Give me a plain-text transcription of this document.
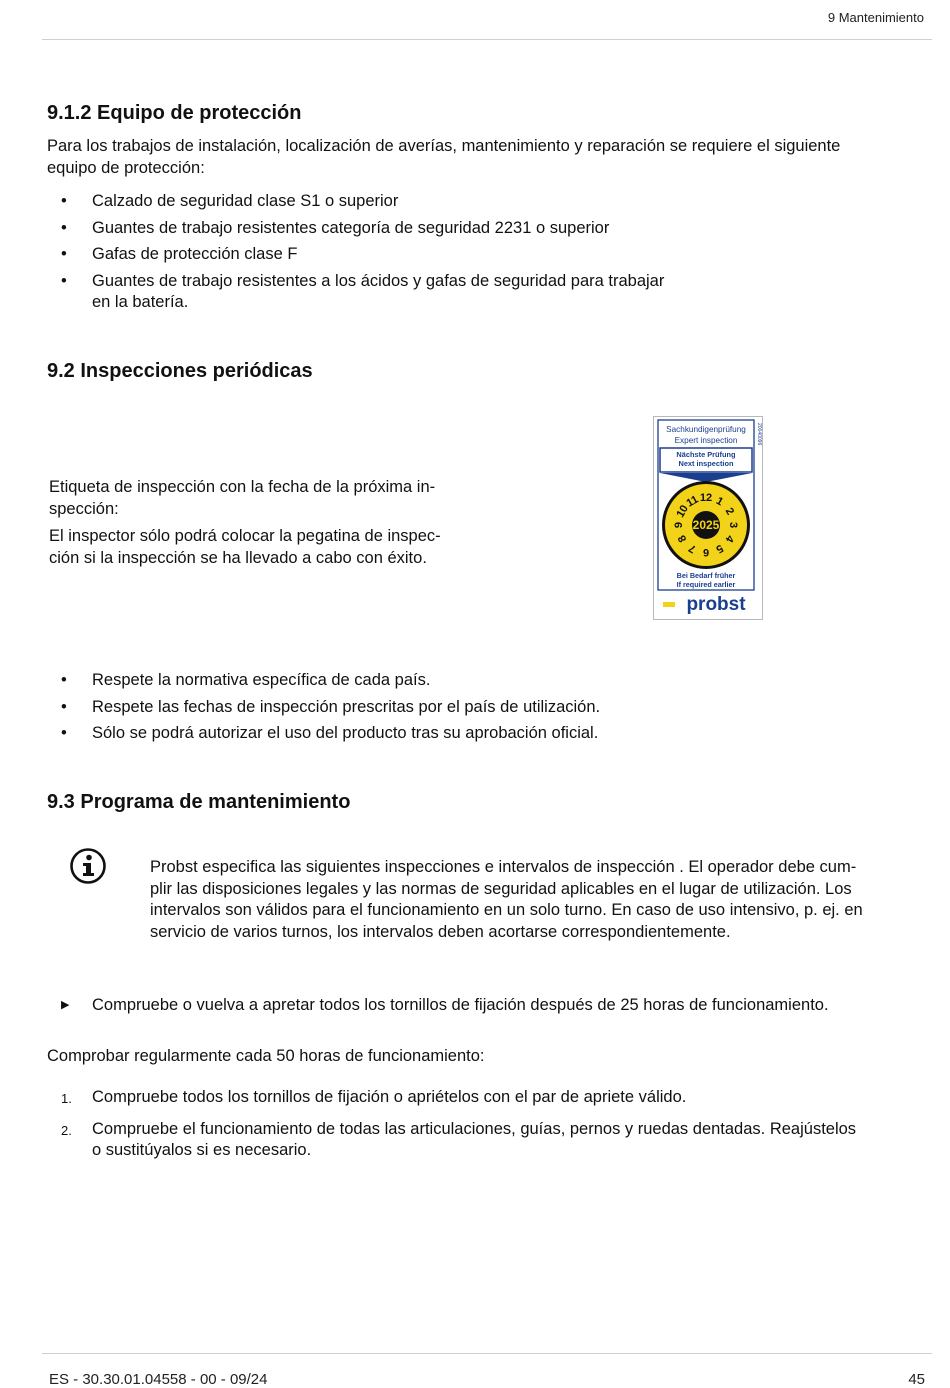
9 Mantenimiento
9.1.2 Equipo de protección
Para los trabajos de instalación, localización de averías, mantenimiento y reparación se requiere el siguiente
equipo de protección:
• Calzado de seguridad clase S1 o superior
• Guantes de trabajo resistentes categoría de seguridad 2231 o superior
• Gafas de protección clase F
• Guantes de trabajo resistentes a los ácidos y gafas de seguridad para trabajar
en la batería.
9.2 Inspecciones periódicas
Etiqueta de inspección con la fecha de la próxima in-
spección:
El inspector sólo podrá colocar la pegatina de inspec-
ción si la inspección se ha llevado a cabo con éxito.
Sachkundigenprüfung
Expert inspection	20040096
Nächste Prüfung
Next inspection
1
2
3
4
5
6
7
8
9
10
11 12
2025
Bei Bedarf früher
If required earlier
probst
• Respete la normativa específica de cada país.
• Respete las fechas de inspección prescritas por el país de utilización.
• Sólo se podrá autorizar el uso del producto tras su aprobación oficial.
9.3 Programa de mantenimiento
Probst especifica las siguientes inspecciones e intervalos de inspección . El operador debe cum-
plir las disposiciones legales y las normas de seguridad aplicables en el lugar de utilización. Los
intervalos son válidos para el funcionamiento en un solo turno. En caso de uso intensivo, p. ej. en
servicio de varios turnos, los intervalos deben acortarse correspondientemente.
▶ Compruebe o vuelva a apretar todos los tornillos de fijación después de 25 horas de funcionamiento.
Comprobar regularmente cada 50 horas de funcionamiento:
1. Compruebe todos los tornillos de fijación o apriételos con el par de apriete válido.
2. Compruebe el funcionamiento de todas las articulaciones, guías, pernos y ruedas dentadas. Reajústelos
o sustitúyalos si es necesario.
ES - 30.30.01.04558 - 00 - 09/24	45
